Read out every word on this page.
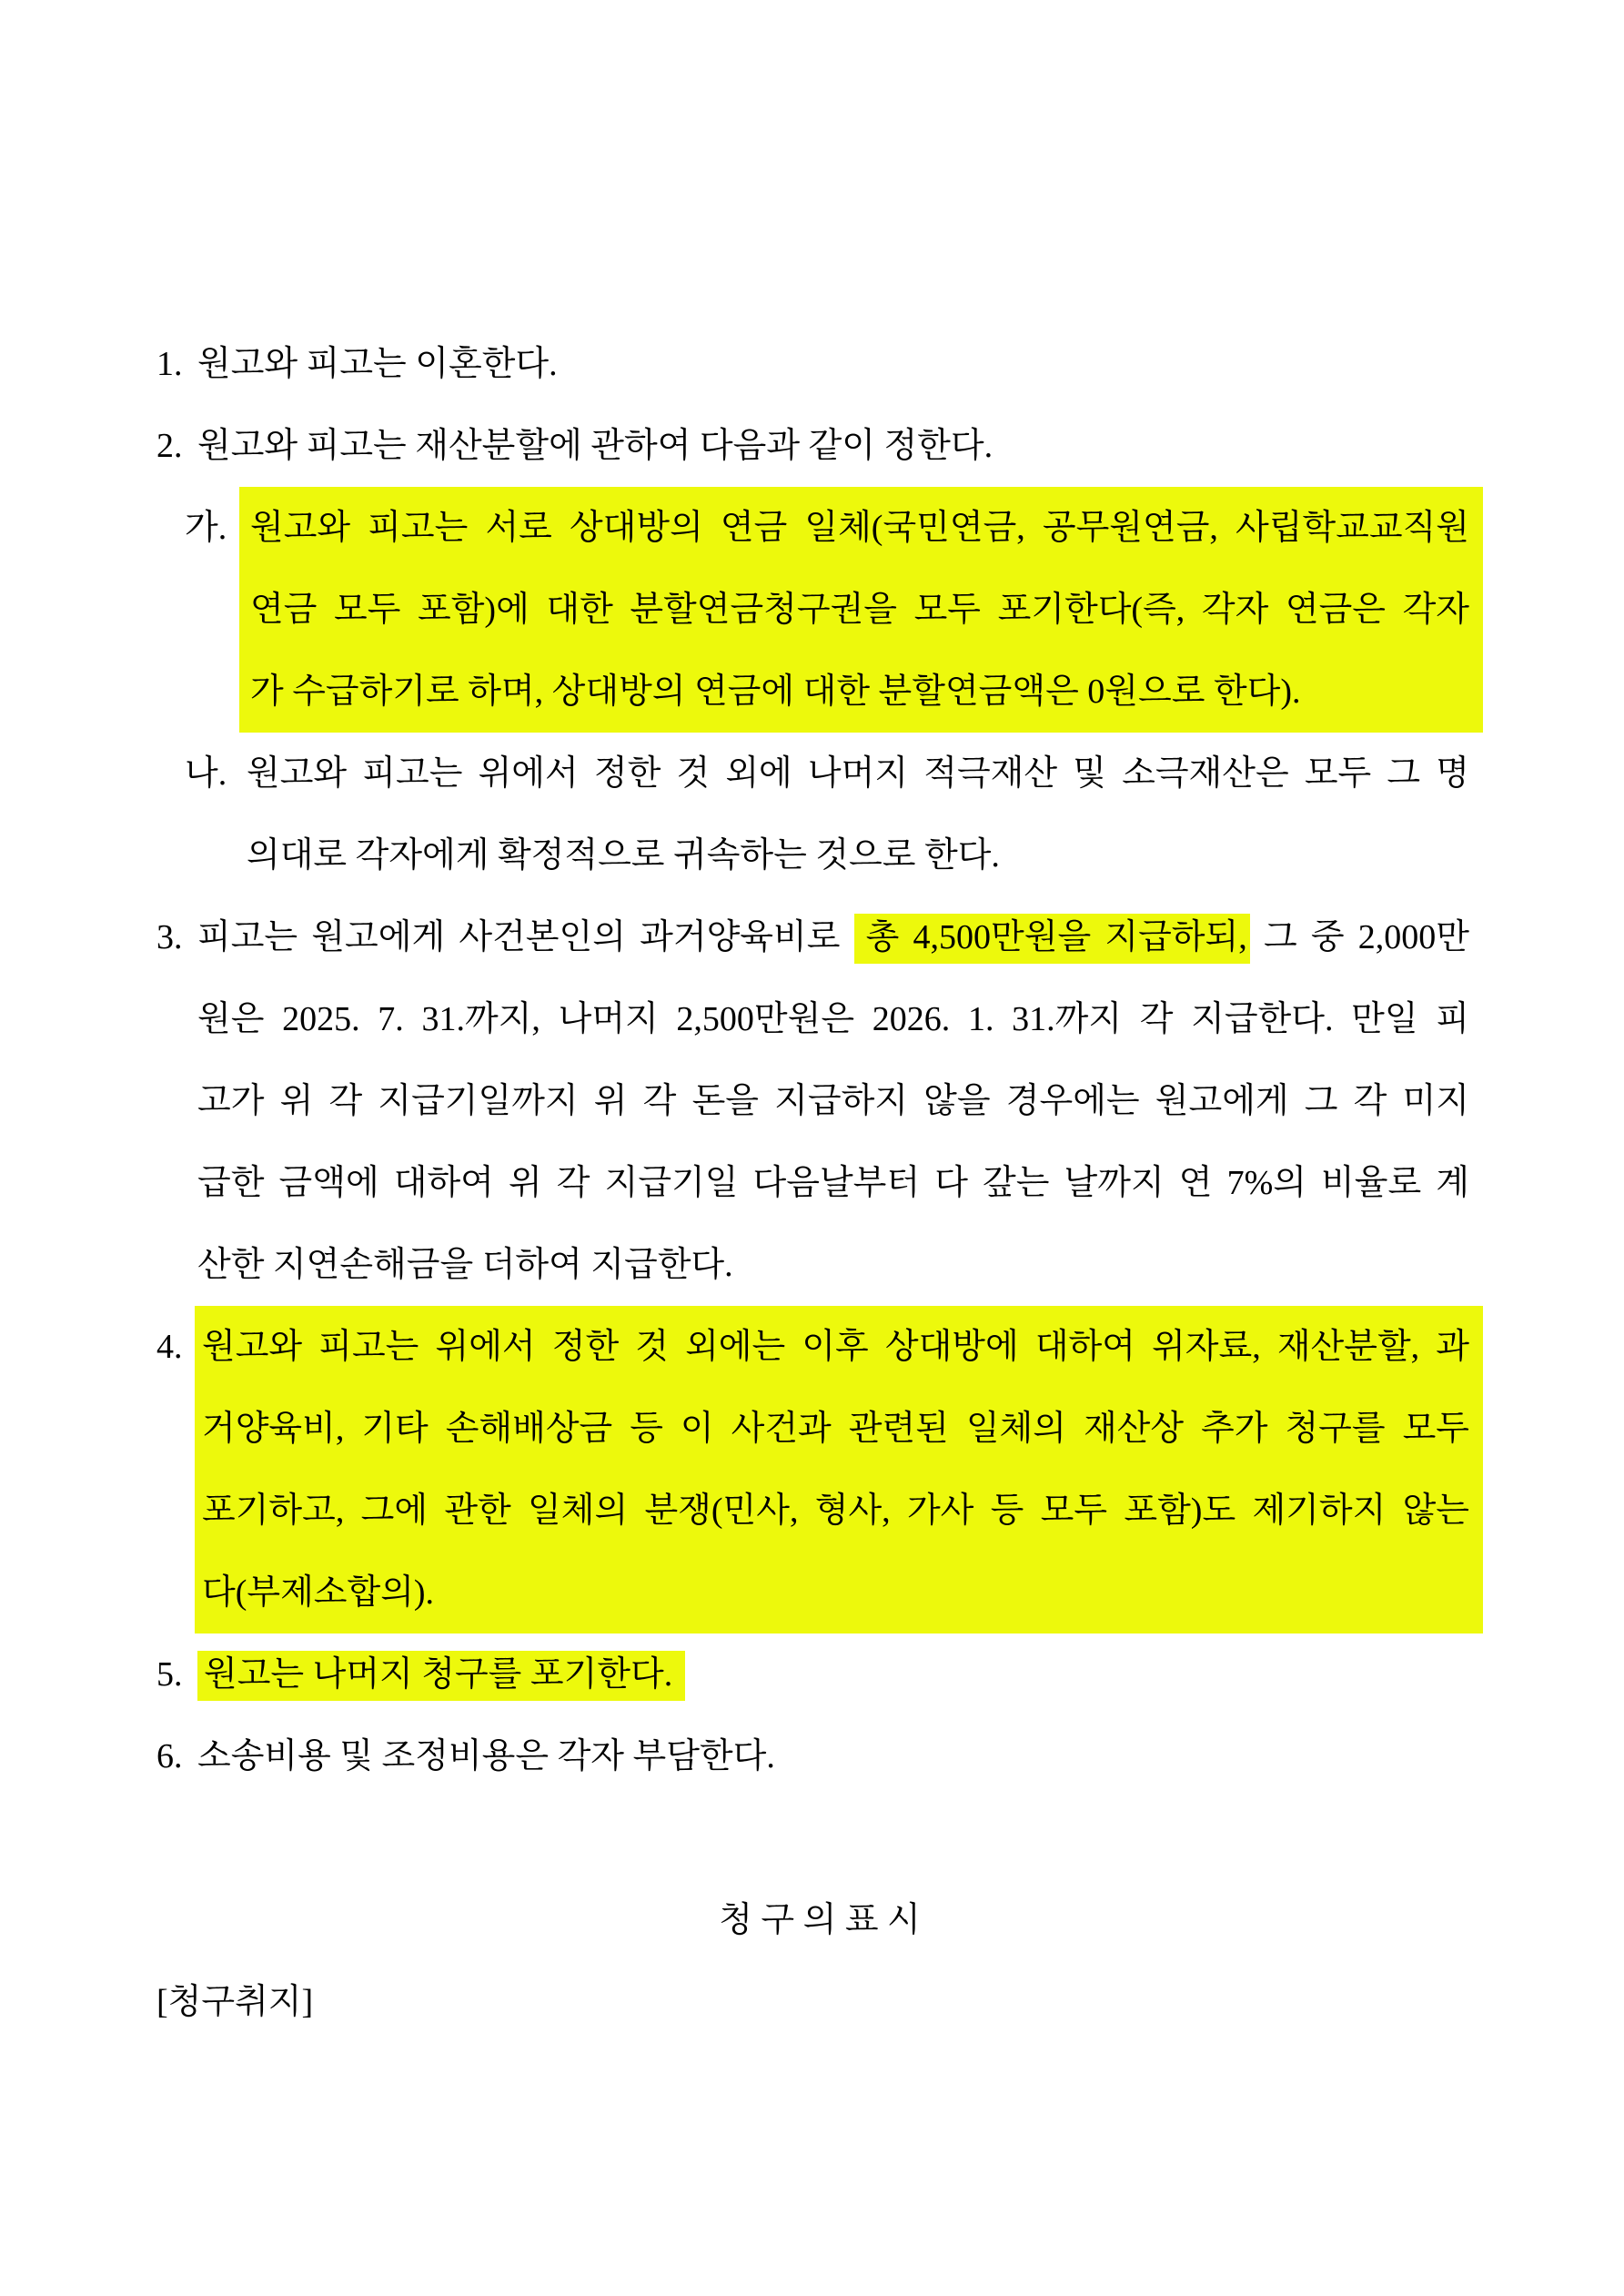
1. 원고와 피고는 이혼한다.
2. 원고와 피고는 재산분할에 관하여 다음과 같이 정한다.
가. 원고와 피고는 서로 상대방의 연금 일체(국민연금, 공무원연금, 사립학교교직원
연금 모두 포함)에 대한 분할연금청구권을 모두 포기한다(즉, 각자 연금은 각자
가 수급하기로 하며, 상대방의 연금에 대한 분할연금액은 0원으로 한다).
나. 원고와 피고는 위에서 정한 것 외에 나머지 적극재산 및 소극재산은 모두 그 명
의대로 각자에게 확정적으로 귀속하는 것으로 한다.
3. 피고는 원고에게 사건본인의 과거양육비로 총 4,500만원을 지급하되, 그 중 2,000만
원은 2025. 7. 31.까지, 나머지 2,500만원은 2026. 1. 31.까지 각 지급한다. 만일 피
고가 위 각 지급기일까지 위 각 돈을 지급하지 않을 경우에는 원고에게 그 각 미지
급한 금액에 대하여 위 각 지급기일 다음날부터 다 갚는 날까지 연 7%의 비율로 계
산한 지연손해금을 더하여 지급한다.
4. 원고와 피고는 위에서 정한 것 외에는 이후 상대방에 대하여 위자료, 재산분할, 과
거양육비, 기타 손해배상금 등 이 사건과 관련된 일체의 재산상 추가 청구를 모두
포기하고, 그에 관한 일체의 분쟁(민사, 형사, 가사 등 모두 포함)도 제기하지 않는
다(부제소합의).
5. 원고는 나머지 청구를 포기한다.
6. 소송비용 및 조정비용은 각자 부담한다.
청 구 의 표 시
[청구취지]
